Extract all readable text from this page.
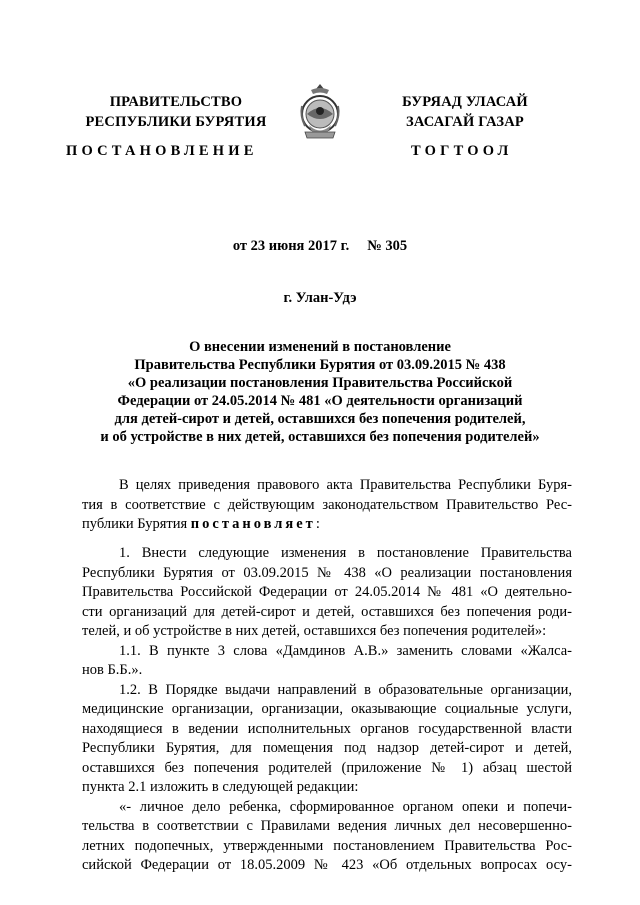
ПРАВИТЕЛЬСТВО
РЕСПУБЛИКИ БУРЯТИЯ
БУРЯАД УЛАСАЙ
ЗАСАГАЙ ГАЗАР
ПОСТАНОВЛЕНИЕ	ТОГТООЛ
от 23 июня 2017 г. № 305
г. Улан-Удэ
О внесении изменений в постановление
Правительства Республики Бурятия от 03.09.2015 № 438
«О реализации постановления Правительства Российской
Федерации от 24.05.2014 № 481 «О деятельности организаций
для детей-сирот и детей, оставшихся без попечения родителей,
и об устройстве в них детей, оставшихся без попечения родителей»
В целях приведения правового акта Правительства Республики Буря-
тия в соответствие с действующим законодательством Правительство Рес-
публики Бурятия постановляет:
1. Внести следующие изменения в постановление Правительства
Республики Бурятия от 03.09.2015 № 438 «О реализации постановления
Правительства Российской Федерации от 24.05.2014 № 481 «О деятельно-
сти организаций для детей-сирот и детей, оставшихся без попечения роди-
телей, и об устройстве в них детей, оставшихся без попечения родителей»:
1.1. В пункте 3 слова «Дамдинов А.В.» заменить словами «Жалса-
нов Б.Б.».
1.2. В Порядке выдачи направлений в образовательные организации,
медицинские организации, организации, оказывающие социальные услуги,
находящиеся в ведении исполнительных органов государственной власти
Республики Бурятия, для помещения под надзор детей-сирот и детей,
оставшихся без попечения родителей (приложение № 1) абзац шестой
пункта 2.1 изложить в следующей редакции:
«- личное дело ребенка, сформированное органом опеки и попечи-
тельства в соответствии с Правилами ведения личных дел несовершенно-
летних подопечных, утвержденными постановлением Правительства Рос-
сийской Федерации от 18.05.2009 № 423 «Об отдельных вопросах осу-
